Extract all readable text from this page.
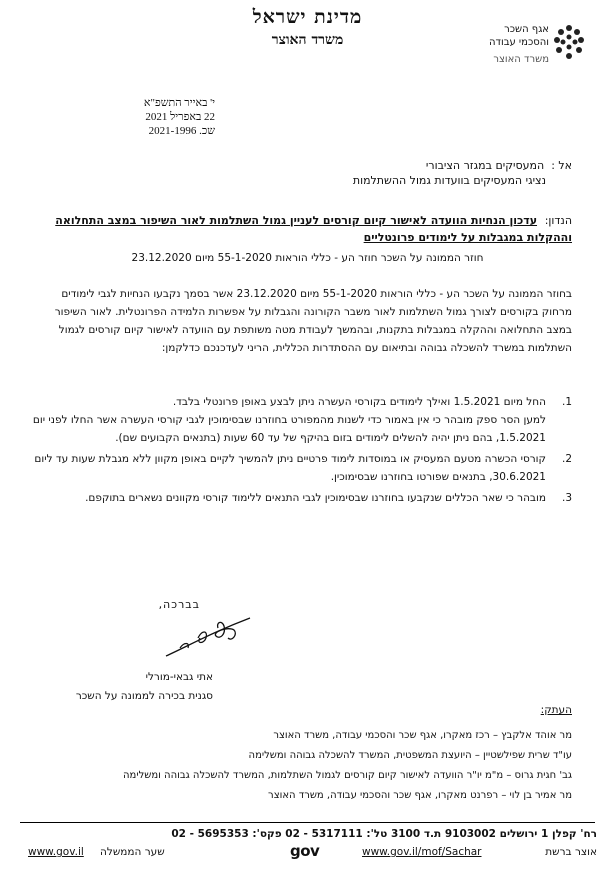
מדינת ישראל
משרד האוצר
אגף השכר
והסכמי עבודה
משרד האוצר
י' באייר התשפ"א
22 באפריל 2021
שכ. 2021-1996
אל :  המעסיקים במגזר הציבורי
נציגי המעסיקים בוועדות גמול ההשתלמות
הנדון:  עדכון הנחיות הוועדה לאישור קיום קורסים לעניין גמול השתלמות לאור השיפור במצב התחלואה וההקלות במגבלות על לימודים פרונטליים
חוזר הממונה על השכר חוזר הע - כללי הוראות 55-1-2020 מיום 23.12.2020
בחוזר הממונה על השכר הע - כללי הוראות 55-1-2020 מיום 23.12.2020 אשר בסמך נקבעו הנחיות לגבי לימודים מרחוק בקורסים לצורך גמול השתלמות לאור משבר הקורונה והגבלות על אפשרות הלמידה הפרונטלית. לאור השיפור במצב התחלואה וההקלה במגבלות בתקנות, ובהמשך לעבודת מטה משותפת עם הוועדה לאישור קיום קורסים לגמול השתלמות במשרד להשכלה גבוהה ובתיאום עם ההסתדרות הכללית, הריני לעדכנכם כדלקמן:
1.
החל מיום 1.5.2021 ואילך לימודים בקורסי העשרה ניתן לבצע באופן פרונטלי בלבד.
למען הסר ספק מובהר כי אין באמור כדי לשנות מהמפורט בחוזרנו שבסימוכין לגבי קורסי העשרה אשר החלו לפני יום 1.5.2021, בהם ניתן יהיה להשלים לימודים בזום בהיקף של עד 60 שעות (בתנאים הקבועים שם).
2.
קורסי הכשרה מטעם המעסיק או במוסדות לימוד פרטיים ניתן להמשיך לקיים באופן מקוון ללא מגבלת שעות עד ליום 30.6.2021, בתנאים שפורטו בחוזרנו שבסימוכין.
3.
מובהר כי שאר הכללים שנקבעו בחוזרנו שבסימוכין לגבי התנאים ללימוד קורסי מקוונים נשארים בתוקפם.
בברכה,
אתי גבאי-מורלי
סגנית בכירה לממונה על השכר
העתק:
מר אוהד אלקבץ – רכז מאקרו, אגף שכר והסכמי עבודה, משרד האוצר
עו"ד שרית שפילשטיין – היועצת המשפטית, המשרד להשכלה גבוהה ומשלימה
גב' חגית גרוס – מ"מ יו"ר הוועדה לאישור קיום קורסים לגמול השתלמות, המשרד להשכלה גבוהה ומשלימה
מר אמיר בן לוי – רפרנט מאקרו, אגף שכר והסכמי עבודה, משרד האוצר
רח' קפלן 1 ירושלים 9103002 ת.ד 3100 טל': 5317111 - 02 פקס': 5695353 - 02
אוצר ברשת
www.gov.il/mof/Sachar
gov
שער הממשלה
www.gov.il
